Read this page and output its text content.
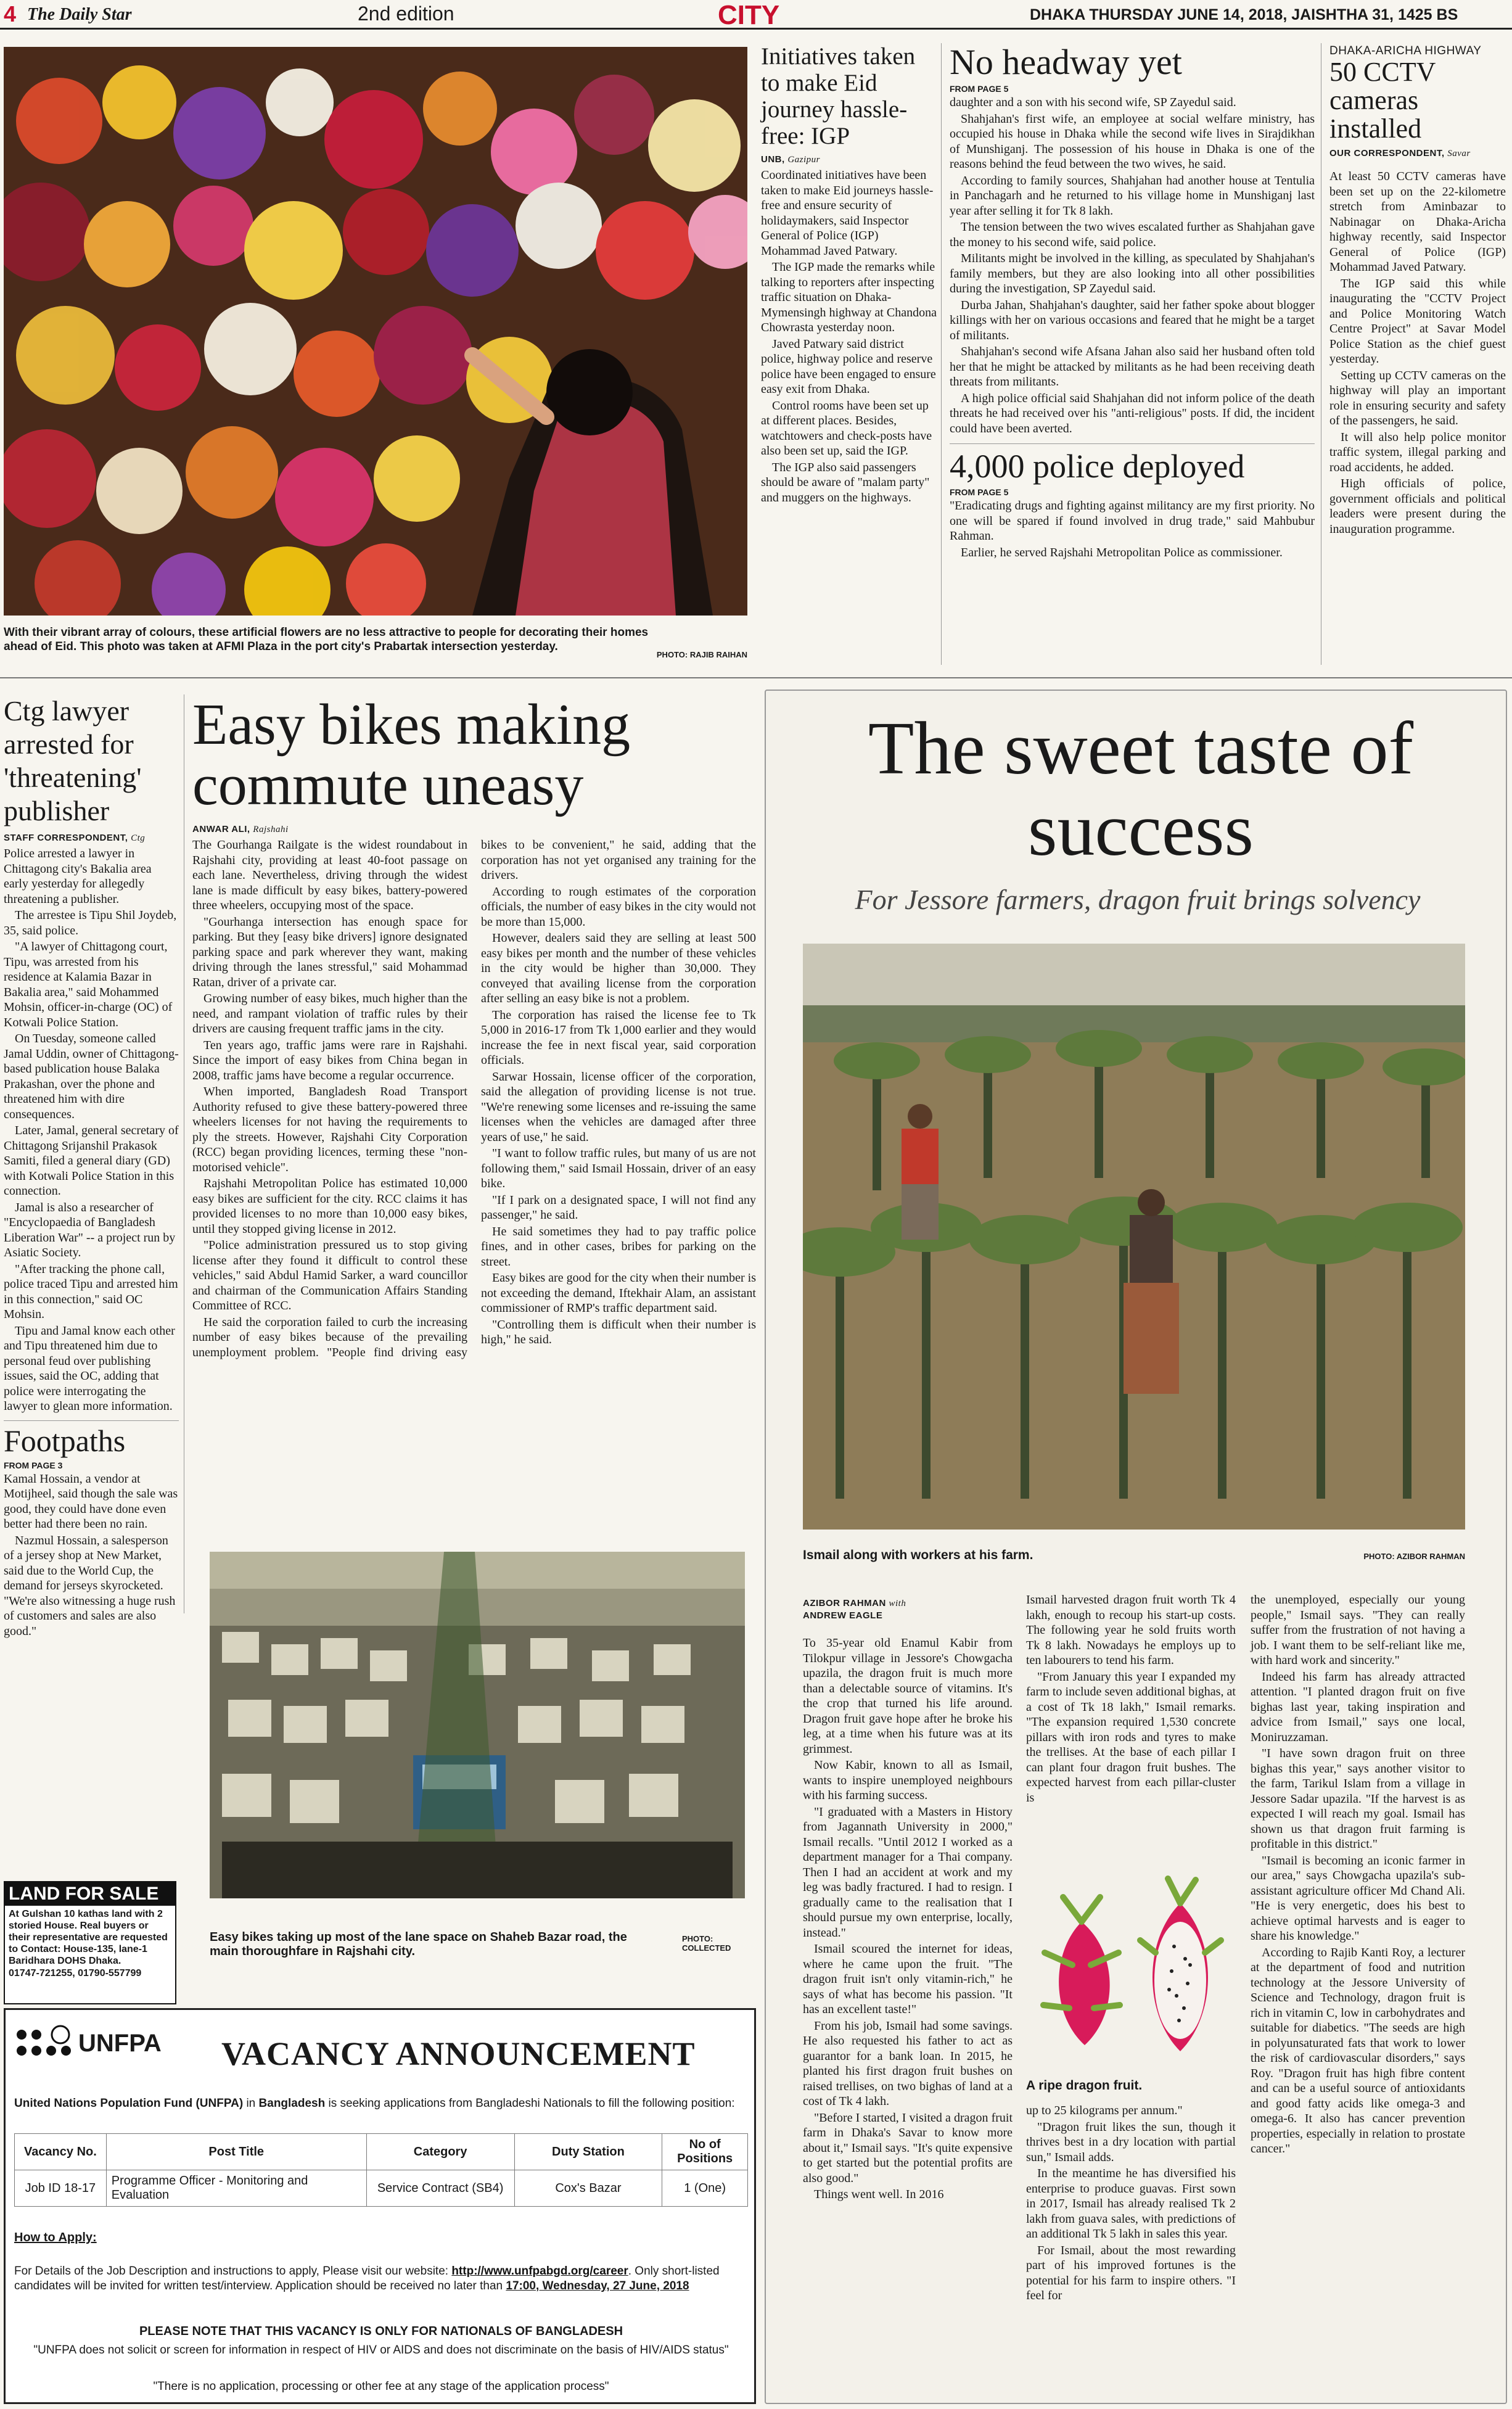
4 The Daily Star	2nd edition	CITY	DHAKA THURSDAY JUNE 14, 2018, JAISHTHA 31, 1425 BS
With their vibrant array of colours, these artificial flowers are no less attractive to people for decorating their homes ahead of Eid. This photo was taken at AFMI Plaza in the port city's Prabartak intersection yesterday.
PHOTO: RAJIB RAIHAN
Initiatives taken to make Eid journey hassle-free: IGP
UNB, Gazipur

Coordinated initiatives have been taken to make Eid journeys hassle-free and ensure security of holidaymakers, said Inspector General of Police (IGP) Mohammad Javed Patwary.

The IGP made the remarks while talking to reporters after inspecting traffic situation on Dhaka-Mymensingh highway at Chandona Chowrasta yesterday noon.

Javed Patwary said district police, highway police and reserve police have been engaged to ensure easy exit from Dhaka.

Control rooms have been set up at different places. Besides, watchtowers and check-posts have also been set up, said the IGP.

The IGP also said passengers should be aware of "malam party" and muggers on the highways.

No headway yet
FROM PAGE 5

daughter and a son with his second wife, SP Zayedul said.

Shahjahan's first wife, an employee at social welfare ministry, has occupied his house in Dhaka while the second wife lives in Sirajdikhan of Munshiganj. The possession of his house in Dhaka is one of the reasons behind the feud between the two wives, he said.

According to family sources, Shahjahan had another house at Tentulia in Panchagarh and he returned to his village home in Munshiganj last year after selling it for Tk 8 lakh.

The tension between the two wives escalated further as Shahjahan gave the money to his second wife, said police.

Militants might be involved in the killing, as speculated by Shahjahan's family members, but they are also looking into all other possibilities during the investigation, SP Zayedul said.

Durba Jahan, Shahjahan's daughter, said her father spoke about blogger killings with her on various occasions and feared that he might be a target of militants.

Shahjahan's second wife Afsana Jahan also said her husband often told her that he might be attacked by militants as he had been receiving death threats from militants.

A high police official said Shahjahan did not inform police of the death threats he had received over his "anti-religious" posts. If did, the incident could have been averted.

4,000 police deployed
FROM PAGE 5

"Eradicating drugs and fighting against militancy are my first priority. No one will be spared if found involved in drug trade," said Mahbubur Rahman.

Earlier, he served Rajshahi Metropolitan Police as commissioner.

DHAKA-ARICHA HIGHWAY
50 CCTV cameras installed
OUR CORRESPONDENT, Savar

At least 50 CCTV cameras have been set up on the 22-kilometre stretch from Aminbazar to Nabinagar on Dhaka-Aricha highway recently, said Inspector General of Police (IGP) Mohammad Javed Patwary.

The IGP said this while inaugurating the "CCTV Project and Police Monitoring Watch Centre Project" at Savar Model Police Station as the chief guest yesterday.

Setting up CCTV cameras on the highway will play an important role in ensuring security and safety of the passengers, he said.

It will also help police monitor traffic system, illegal parking and road accidents, he added.

High officials of police, government officials and political leaders were present during the inauguration programme.

Ctg lawyer arrested for 'threatening' publisher
STAFF CORRESPONDENT, Ctg

Police arrested a lawyer in Chittagong city's Bakalia area early yesterday for allegedly threatening a publisher.

The arrestee is Tipu Shil Joydeb, 35, said police.

"A lawyer of Chittagong court, Tipu, was arrested from his residence at Kalamia Bazar in Bakalia area," said Mohammed Mohsin, officer-in-charge (OC) of Kotwali Police Station.

On Tuesday, someone called Jamal Uddin, owner of Chittagong-based publication house Balaka Prakashan, over the phone and threatened him with dire consequences.

Later, Jamal, general secretary of Chittagong Srijanshil Prakasok Samiti, filed a general diary (GD) with Kotwali Police Station in this connection.

Jamal is also a researcher of "Encyclopaedia of Bangladesh Liberation War" -- a project run by Asiatic Society.

"After tracking the phone call, police traced Tipu and arrested him in this connection," said OC Mohsin.

Tipu and Jamal know each other and Tipu threatened him due to personal feud over publishing issues, said the OC, adding that police were interrogating the lawyer to glean more information.

Footpaths
FROM PAGE 3

Kamal Hossain, a vendor at Motijheel, said though the sale was good, they could have done even better had there been no rain.

Nazmul Hossain, a salesperson of a jersey shop at New Market, said due to the World Cup, the demand for jerseys skyrocketed. "We're also witnessing a huge rush of customers and sales are also good."

LAND FOR SALE
At Gulshan 10 kathas land with 2 storied House. Real buyers or their representative are requested to Contact: House-135, lane-1 Baridhara DOHS Dhaka.
01747-721255, 01790-557799
Easy bikes making commute uneasy
ANWAR ALI, Rajshahi

The Gourhanga Railgate is the widest roundabout in Rajshahi city, providing at least 40-foot passage on each lane. Nevertheless, driving through the widest lane is made difficult by easy bikes, battery-powered three wheelers, occupying most of the space.

"Gourhanga intersection has enough space for parking. But they [easy bike drivers] ignore designated parking space and park wherever they want, making driving through the lanes stressful," said Mohammad Ratan, driver of a private car.

Growing number of easy bikes, much higher than the need, and rampant violation of traffic rules by their drivers are causing frequent traffic jams in the city.

Ten years ago, traffic jams were rare in Rajshahi. Since the import of easy bikes from China began in 2008, traffic jams have become a regular occurrence.

When imported, Bangladesh Road Transport Authority refused to give these battery-powered three wheelers licenses for not having the requirements to ply the streets. However, Rajshahi City Corporation (RCC) began providing licences, terming these "non-motorised vehicle".

Rajshahi Metropolitan Police has estimated 10,000 easy bikes are sufficient for the city. RCC claims it has provided licenses to no more than 10,000 easy bikes, until they stopped giving license in 2012.

"Police administration pressured us to stop giving license after they found it difficult to control these vehicles," said Abdul Hamid Sarker, a ward councillor and chairman of the Communication Affairs Standing Committee of RCC.

He said the corporation failed to curb the increasing number of easy bikes because of the prevailing unemployment problem. "People find driving easy bikes to be convenient," he said, adding that the corporation has not yet organised any training for the drivers.

According to rough estimates of the corporation officials, the number of easy bikes in the city would not be more than 15,000.

However, dealers said they are selling at least 500 easy bikes per month and the number of these vehicles in the city would be higher than 30,000. They conveyed that availing license from the corporation after selling an easy bike is not a problem.

The corporation has raised the license fee to Tk 5,000 in 2016-17 from Tk 1,000 earlier and they would increase the fee in next fiscal year, said corporation officials.

Sarwar Hossain, license officer of the corporation, said the allegation of providing license is not true. "We're renewing some licenses and re-issuing the same licenses when the vehicles are damaged after three years of use," he said.

"I want to follow traffic rules, but many of us are not following them," said Ismail Hossain, driver of an easy bike.

"If I park on a designated space, I will not find any passenger," he said.

He said sometimes they had to pay traffic police fines, and in other cases, bribes for parking on the street.

Easy bikes are good for the city when their number is not exceeding the demand, Iftekhair Alam, an assistant commissioner of RMP's traffic department said.

"Controlling them is difficult when their number is high," he said.

Easy bikes taking up most of the lane space on Shaheb Bazar road, the main thoroughfare in Rajshahi city.
PHOTO: COLLECTED
The sweet taste of success
For Jessore farmers, dragon fruit brings solvency
Ismail along with workers at his farm.	PHOTO: AZIBOR RAHMAN
AZIBOR RAHMAN with
ANDREW EAGLE

To 35-year old Enamul Kabir from Tilokpur village in Jessore's Chowgacha upazila, the dragon fruit is much more than a delectable source of vitamins. It's the crop that turned his life around. Dragon fruit gave hope after he broke his leg, at a time when his future was at its grimmest.

Now Kabir, known to all as Ismail, wants to inspire unemployed neighbours with his farming success.

"I graduated with a Masters in History from Jagannath University in 2000," Ismail recalls. "Until 2012 I worked as a department manager for a Thai company. Then I had an accident at work and my leg was badly fractured. I had to resign. I gradually came to the realisation that I should pursue my own enterprise, locally, instead."

Ismail scoured the internet for ideas, where he came upon the fruit. "The dragon fruit isn't only vitamin-rich," he says of what has become his passion. "It has an excellent taste!"

From his job, Ismail had some savings. He also requested his father to act as guarantor for a bank loan. In 2015, he planted his first dragon fruit bushes on raised trellises, on two bighas of land at a cost of Tk 4 lakh.

"Before I started, I visited a dragon fruit farm in Dhaka's Savar to know more about it," Ismail says. "It's quite expensive to get started but the potential profits are also good."

Things went well. In 2016

Ismail harvested dragon fruit worth Tk 4 lakh, enough to recoup his start-up costs. The following year he sold fruits worth Tk 8 lakh. Nowadays he employs up to ten labourers to tend his farm.

"From January this year I expanded my farm to include seven additional bighas, at a cost of Tk 18 lakh," Ismail remarks. "The expansion required 1,530 concrete pillars with iron rods and tyres to make the trellises. At the base of each pillar I can plant four dragon fruit bushes. The expected harvest from each pillar-cluster is

A ripe dragon fruit.

up to 25 kilograms per annum."

"Dragon fruit likes the sun, though it thrives best in a dry location with partial sun," Ismail adds.

In the meantime he has diversified his enterprise to produce guavas. First sown in 2017, Ismail has already realised Tk 2 lakh from guava sales, with predictions of an additional Tk 5 lakh in sales this year.

For Ismail, about the most rewarding part of his improved fortunes is the potential for his farm to inspire others. "I feel for

the unemployed, especially our young people," Ismail says. "They can really suffer from the frustration of not having a job. I want them to be self-reliant like me, with hard work and sincerity."

Indeed his farm has already attracted attention. "I planted dragon fruit on five bighas last year, taking inspiration and advice from Ismail," says one local, Moniruzzaman.

"I have sown dragon fruit on three bighas this year," says another visitor to the farm, Tarikul Islam from a village in Jessore Sadar upazila. "If the harvest is as expected I will reach my goal. Ismail has shown us that dragon fruit farming is profitable in this district."

"Ismail is becoming an iconic farmer in our area," says Chowgacha upazila's sub-assistant agriculture officer Md Chand Ali. "He is very energetic, does his best to achieve optimal harvests and is eager to share his knowledge."

According to Rajib Kanti Roy, a lecturer at the department of food and nutrition technology at the Jessore University of Science and Technology, dragon fruit is rich in vitamin C, low in carbohydrates and suitable for diabetics. "The seeds are high in polyunsaturated fats that work to lower the risk of cardiovascular disorders," says Roy. "Dragon fruit has high fibre content and can be a useful source of antioxidants and good fatty acids like omega-3 and omega-6. It also has cancer prevention properties, especially in relation to prostate cancer."

UNFPA VACANCY ANNOUNCEMENT
United Nations Population Fund (UNFPA) in Bangladesh is seeking applications from Bangladeshi Nationals to fill the following position:
Vacancy No.	Post Title	Category	Duty Station	No of Positions
Job ID 18-17	Programme Officer - Monitoring and Evaluation	Service Contract (SB4)	Cox's Bazar	1 (One)
How to Apply:
For Details of the Job Description and instructions to apply, Please visit our website: http://www.unfpabgd.org/career. Only short-listed candidates will be invited for written test/interview. Application should be received no later than 17:00, Wednesday, 27 June, 2018
PLEASE NOTE THAT THIS VACANCY IS ONLY FOR NATIONALS OF BANGLADESH
"UNFPA does not solicit or screen for information in respect of HIV or AIDS and does not discriminate on the basis of HIV/AIDS status"
"There is no application, processing or other fee at any stage of the application process"
